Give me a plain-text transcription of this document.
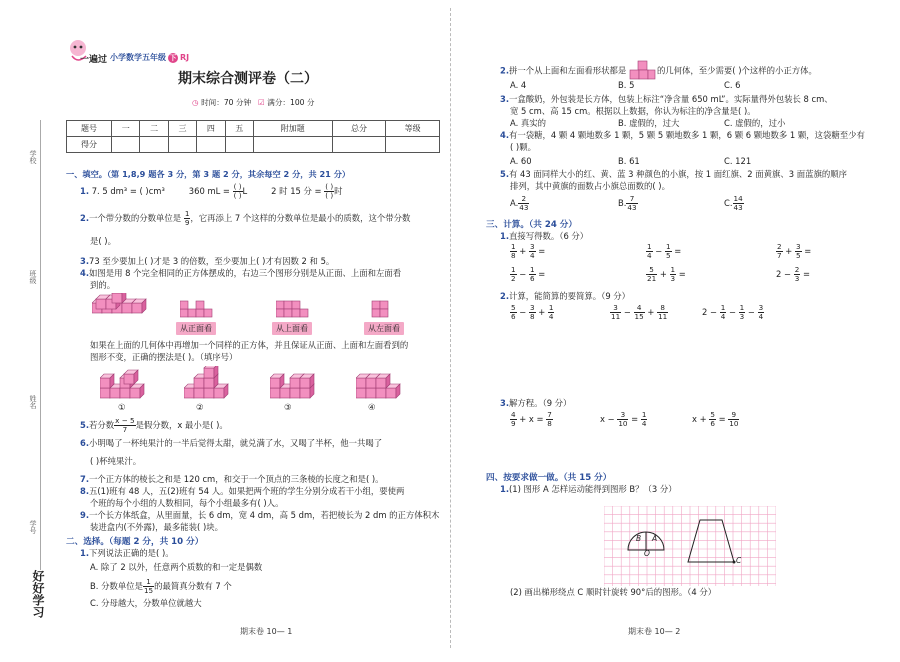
学校
班级
姓名
学号
好好学习
一遍过 小学数学五年级 下 RJ
期末综合测评卷（二）
◷ 时间：70 分钟 ☑ 满分：100 分
题号	一	二	三	四	五	附加题	总分	等级
得分								
一、填空。（第 1,8,9 题各 3 分，第 3 题 2 分，其余每空 2 分，共 21 分）
1. 7. 5 dm³ = ( )cm³	360 mL = $\frac{( )}{( )}$ L	2 时 15 分 = $\frac{( )}{( )}$ 时
2.一个带分数的分数单位是 $\frac{1}{9}$ ，它再添上 7 个这样的分数单位是最小的质数，这个带分数
是( )。
3.73 至少要加上( )才是 3 的倍数，至少要加上( )才有因数 2 和 5。
4.如图是用 8 个完全相同的正方体摆成的，右边三个图形分别是从正面、上面和左面看
到的。
从正面看	从上面看	从左面看
如果在上面的几何体中再增加一个同样的正方体，并且保证从正面、上面和左面看到的
图形不变，正确的摆法是( )。（填序号）
①	②	③	④
5.若分数 $\frac{x - 5}{7}$ 是假分数，x 最小是( )。
6.小明喝了一杯纯果汁的一半后觉得太甜，就兑满了水，又喝了半杯，他一共喝了
( )杯纯果汁。
7.一个正方体的棱长之和是 120 cm，和交于一个顶点的三条棱的长度之和是( )。
8.五(1)班有 48 人，五(2)班有 54 人。如果把两个班的学生分别分成若干小组，要使两
个班的每个小组的人数相同，每个小组最多有( )人。
9.一个长方体纸盒，从里面量，长 6 dm，宽 4 dm，高 5 dm，若把棱长为 2 dm 的正方体积木
装进盒内(不外露)，最多能装( )块。
二、选择。（每题 2 分，共 10 分）
1.下列说法正确的是( )。
A. 除了 2 以外，任意两个质数的和一定是偶数
B. 分数单位是 $\frac{1}{15}$ 的最简真分数有 7 个
C. 分母越大，分数单位就越大
期末卷 10— 1
2.拼一个从上面和左面看形状都是	的几何体，至少需要( )个这样的小正方体。
A. 4	B. 5	C. 6
3.一盒酸奶，外包装是长方体，包装上标注“净含量 650 mL”。实际量得外包装长 8 cm、
宽 5 cm、高 15 cm。根据以上数据，你认为标注的净含量是( )。
A. 真实的	B. 虚假的，过大	C. 虚假的，过小
4.有一袋糖，4 颗 4 颗地数多 1 颗，5 颗 5 颗地数多 1 颗，6 颗 6 颗地数多 1 颗，这袋糖至少有
( )颗。
A. 60	B. 61	C. 121
5.有 43 面同样大小的红、黄、蓝 3 种颜色的小旗，按 1 面红旗、2 面黄旗、3 面蓝旗的顺序
排列，其中黄旗的面数占小旗总面数的( )。
A. $\frac{2}{43}$	B. $\frac{7}{43}$	C. $\frac{14}{43}$
三、计算。（共 24 分）
1.直接写得数。（6 分）
$\frac{1}{8} + \frac{3}{4}$ =	$\frac{1}{4} - \frac{1}{5}$ =	$\frac{2}{7} + \frac{3}{5}$ =
$\frac{1}{2} - \frac{1}{6}$ =	$\frac{5}{21} + \frac{1}{3}$ =	$2 - \frac{2}{3}$ =
2.计算，能简算的要简算。（9 分）
$\frac{5}{6} - \frac{3}{8} + \frac{1}{4}$	$\frac{3}{11} - \frac{4}{15} + \frac{8}{11}$	$2 - \frac{1}{4} - \frac{1}{3} - \frac{3}{4}$
3.解方程。（9 分）
$\frac{4}{9} + x = \frac{7}{8}$	$x - \frac{3}{10} = \frac{1}{4}$	$x + \frac{5}{6} = \frac{9}{10}$
四、按要求做一做。（共 15 分）
1.(1) 图形 A 怎样运动能得到图形 B？（3 分）
B A
O
C
(2) 画出梯形绕点 C 顺时针旋转 90°后的图形。（4 分）
期末卷 10— 2
